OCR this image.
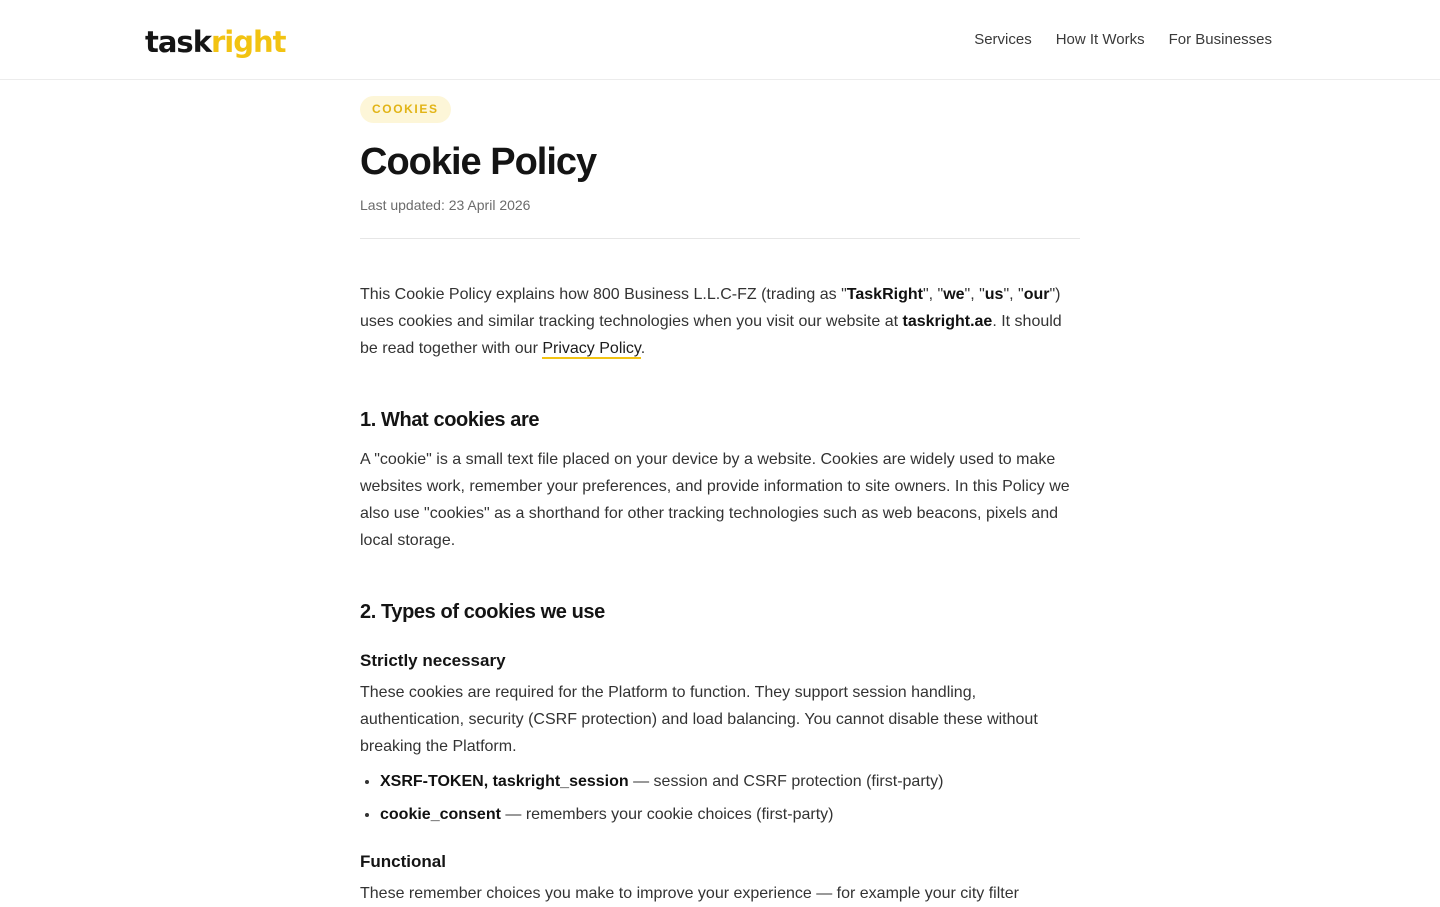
taskright	Services How It Works For Businesses
COOKIES
Cookie Policy
Last updated: 23 April 2026

This Cookie Policy explains how 800 Business L.L.C-FZ (trading as "TaskRight", "we", "us", "our") uses cookies and similar tracking technologies when you visit our website at taskright.ae. It should be read together with our Privacy Policy.

1. What cookies are

A "cookie" is a small text file placed on your device by a website. Cookies are widely used to make websites work, remember your preferences, and provide information to site owners. In this Policy we also use "cookies" as a shorthand for other tracking technologies such as web beacons, pixels and local storage.

2. Types of cookies we use
Strictly necessary

These cookies are required for the Platform to function. They support session handling, authentication, security (CSRF protection) and load balancing. You cannot disable these without breaking the Platform.

• XSRF-TOKEN, taskright_session — session and CSRF protection (first-party)
• cookie_consent — remembers your cookie choices (first-party)
Functional

These remember choices you make to improve your experience — for example your city filter
